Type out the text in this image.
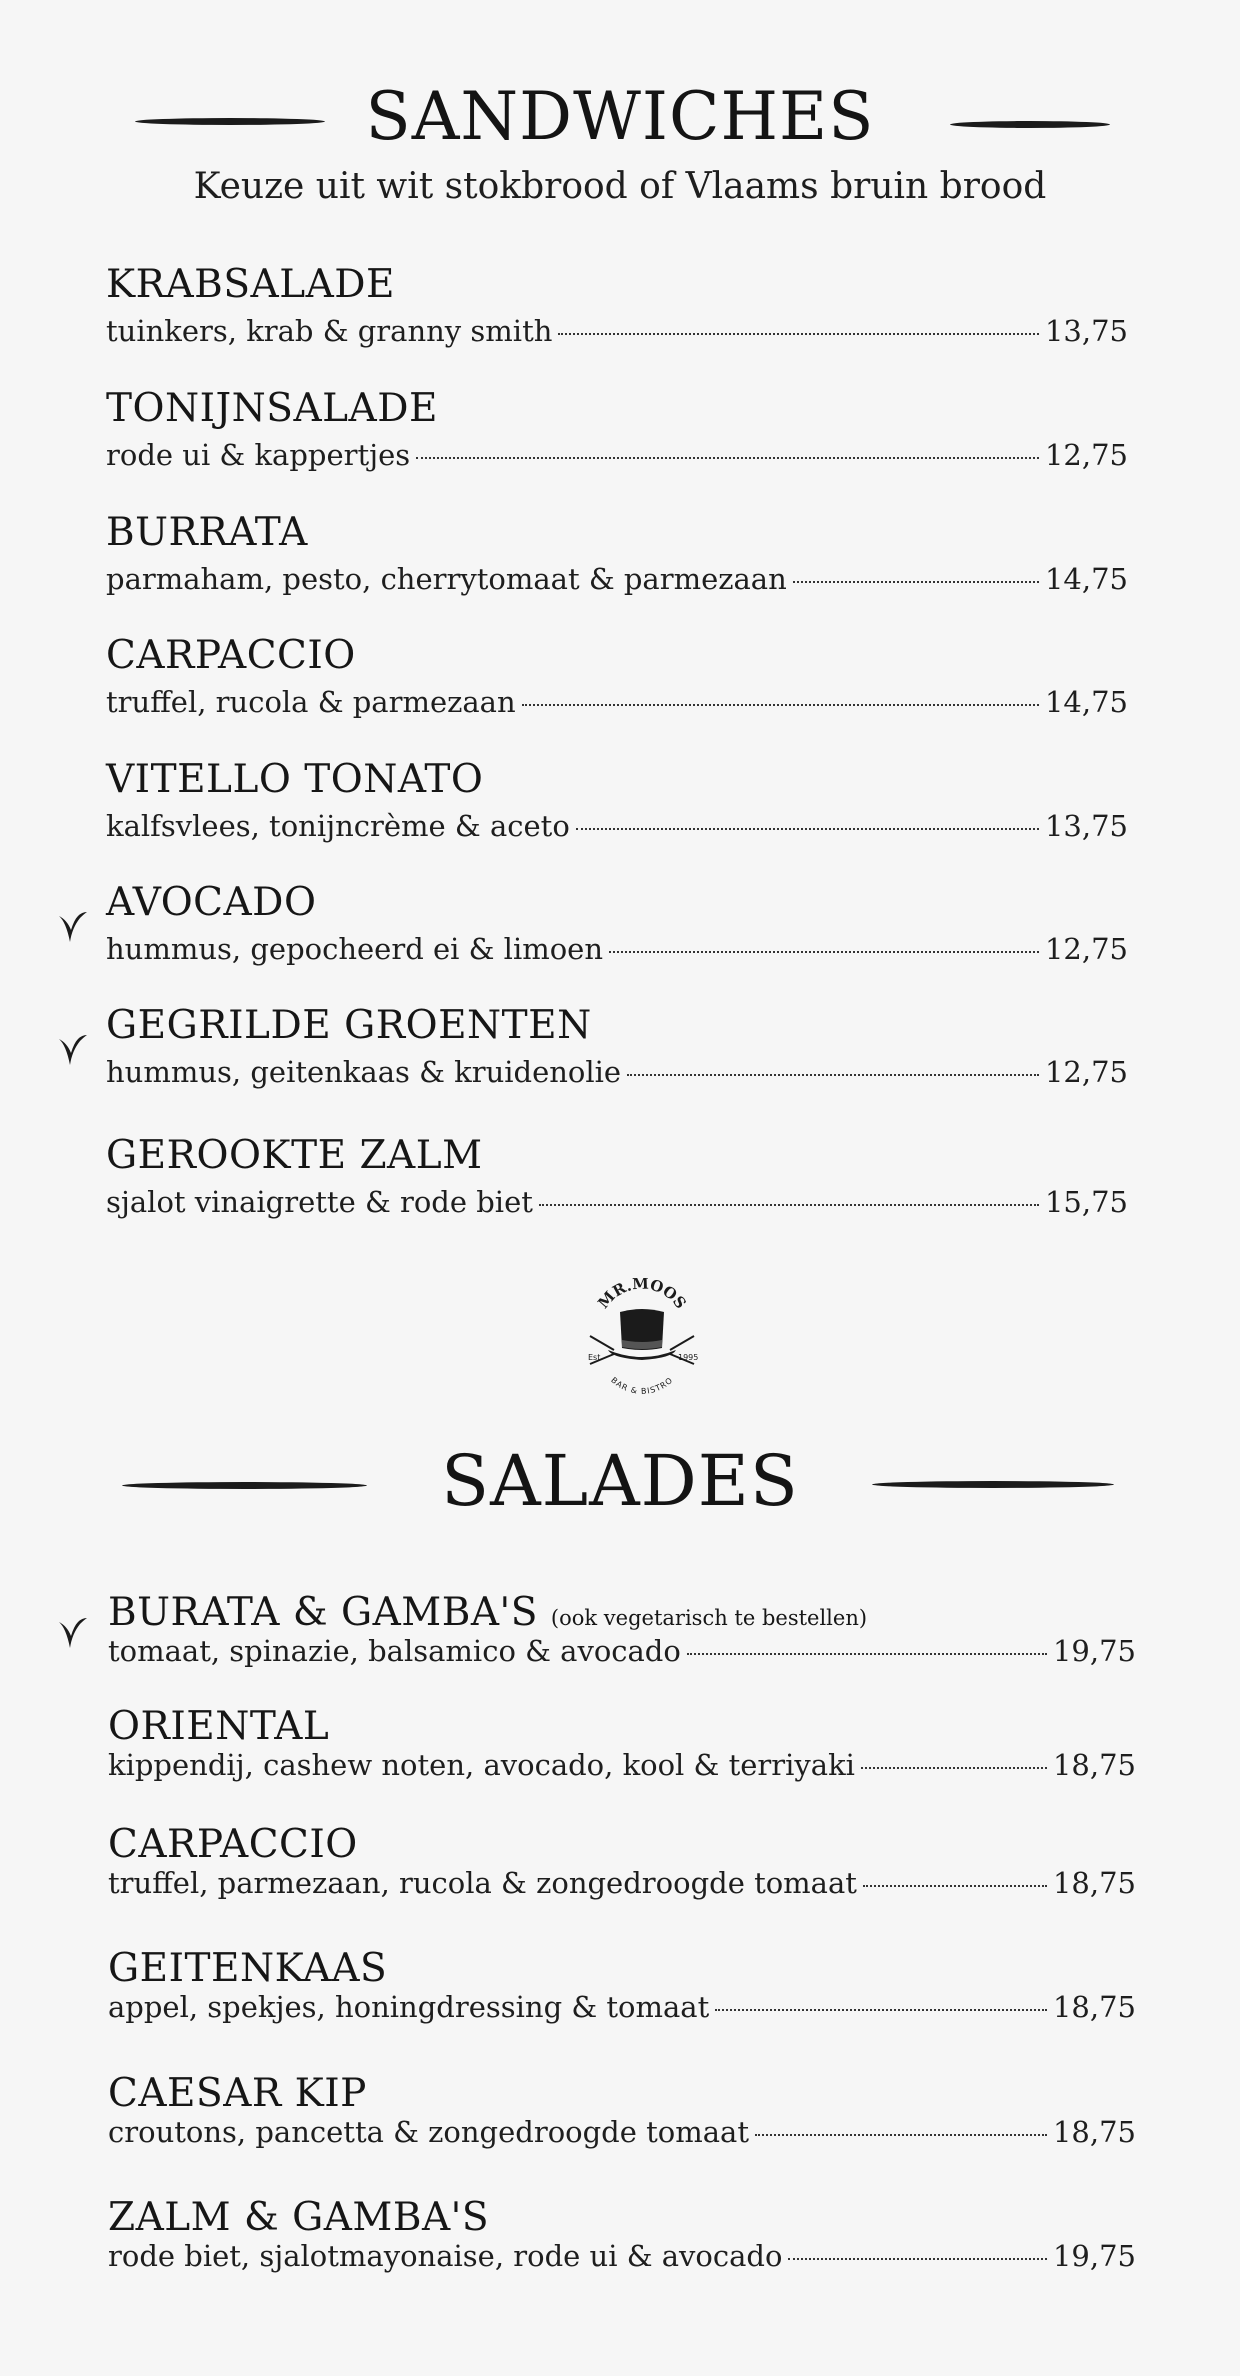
SANDWICHES
Keuze uit wit stokbrood of Vlaams bruin brood
KRABSALADE
tuinkers, krab & granny smith	13,75
TONIJNSALADE
rode ui & kappertjes	12,75
BURRATA
parmaham, pesto, cherrytomaat & parmezaan	14,75
CARPACCIO
truffel, rucola & parmezaan	14,75
VITELLO TONATO
kalfsvlees, tonijncrème & aceto	13,75
AVOCADO
hummus, gepocheerd ei & limoen	12,75
GEGRILDE GROENTEN
hummus, geitenkaas & kruidenolie	12,75
GEROOKTE ZALM
sjalot vinaigrette & rode biet	15,75
MR.MOOS
Est.	1995
BAR & BISTRO
SALADES
BURATA & GAMBA'S (ook vegetarisch te bestellen)
tomaat, spinazie, balsamico & avocado	19,75
ORIENTAL
kippendij, cashew noten, avocado, kool & terriyaki	18,75
CARPACCIO
truffel, parmezaan, rucola & zongedroogde tomaat	18,75
GEITENKAAS
appel, spekjes, honingdressing & tomaat	18,75
CAESAR KIP
croutons, pancetta & zongedroogde tomaat	18,75
ZALM & GAMBA'S
rode biet, sjalotmayonaise, rode ui & avocado	19,75
